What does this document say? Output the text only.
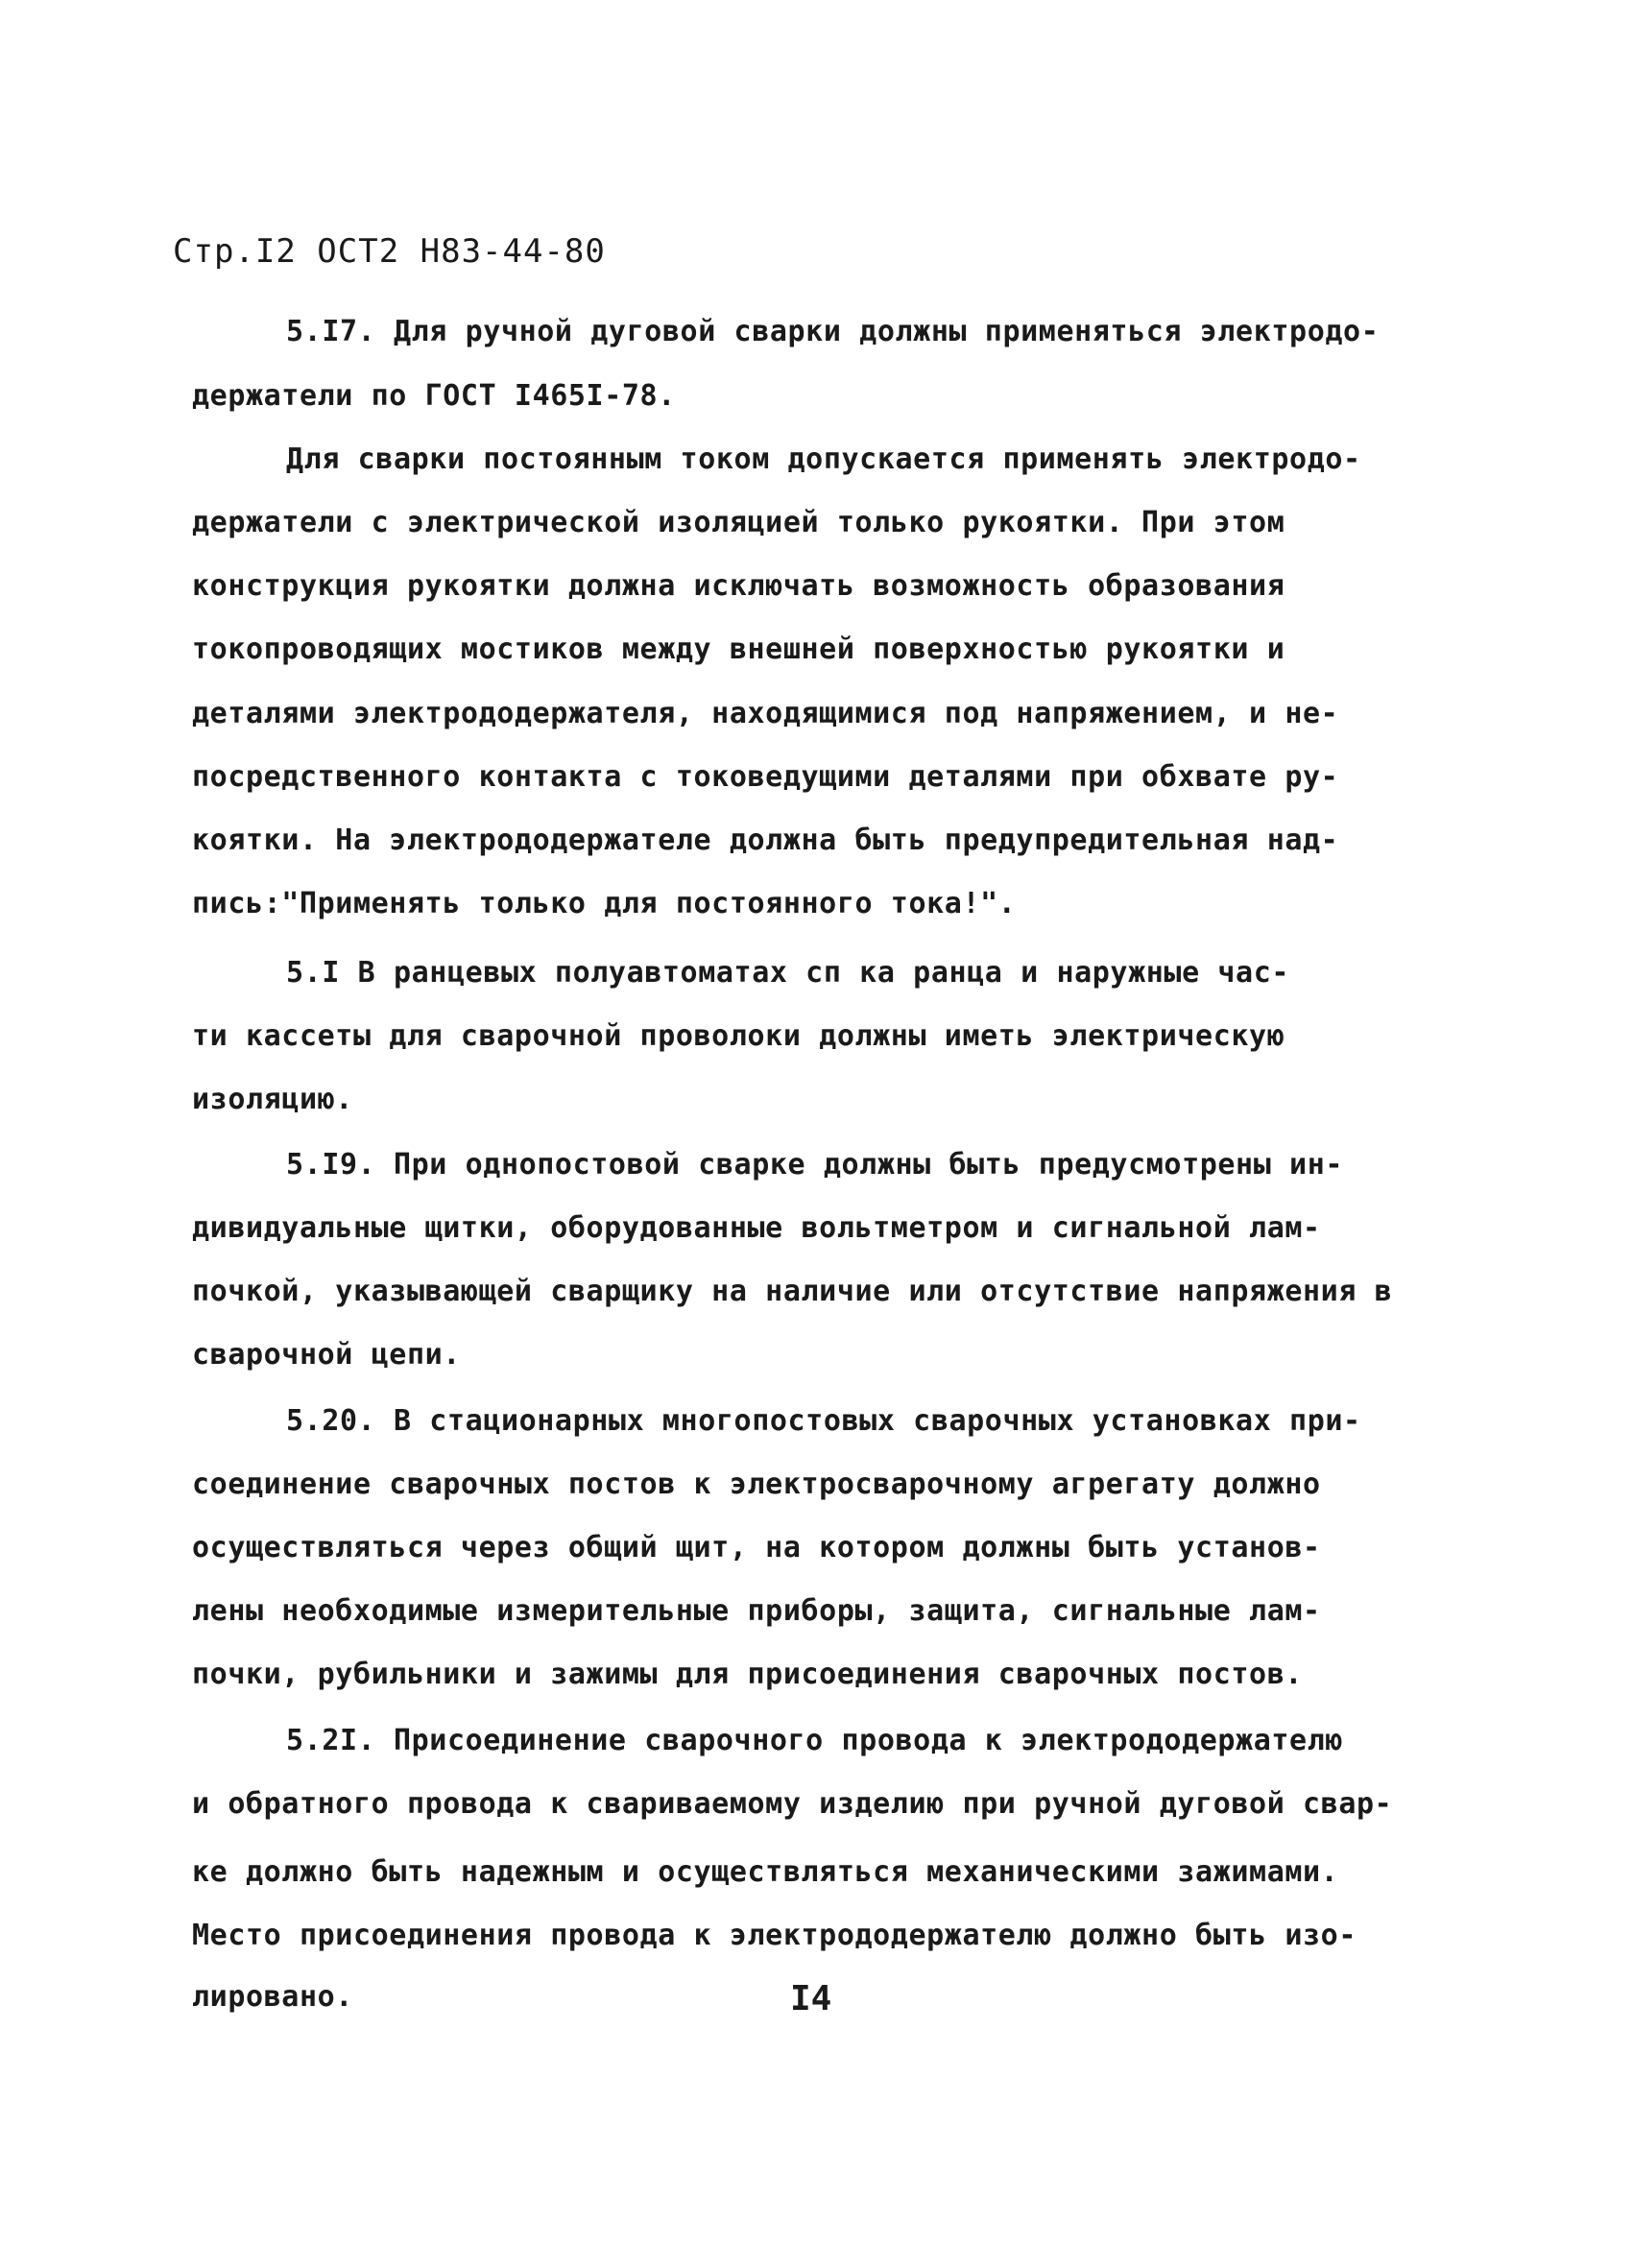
Стр.I2 ОСТ2 Н83-44-80
5.I7. Для ручной дуговой сварки должны применяться электродо-
держатели по ГОСТ I465I-78.
Для сварки постоянным током допускается применять электродо-
держатели с электрической изоляцией только рукоятки. При этом
конструкция рукоятки должна исключать возможность образования
токопроводящих мостиков между внешней поверхностью рукоятки и
деталями электрододержателя, находящимися под напряжением, и не-
посредственного контакта с токоведущими деталями при обхвате ру-
коятки. На электрододержателе должна быть предупредительная над-
пись:"Применять только для постоянного тока!".
5.I В ранцевых полуавтоматах сп ка ранца и наружные час-
ти кассеты для сварочной проволоки должны иметь электрическую
изоляцию.
5.I9. При однопостовой сварке должны быть предусмотрены ин-
дивидуальные щитки, оборудованные вольтметром и сигнальной лам-
почкой, указывающей сварщику на наличие или отсутствие напряжения в
сварочной цепи.
5.20. В стационарных многопостовых сварочных установках при-
соединение сварочных постов к электросварочному агрегату должно
осуществляться через общий щит, на котором должны быть установ-
лены необходимые измерительные приборы, защита, сигнальные лам-
почки, рубильники и зажимы для присоединения сварочных постов.
5.2I. Присоединение сварочного провода к электрододержателю
и обратного провода к свариваемому изделию при ручной дуговой свар-
ке должно быть надежным и осуществляться механическими зажимами.
Место присоединения провода к электрододержателю должно быть изо-
лировано.	I4
